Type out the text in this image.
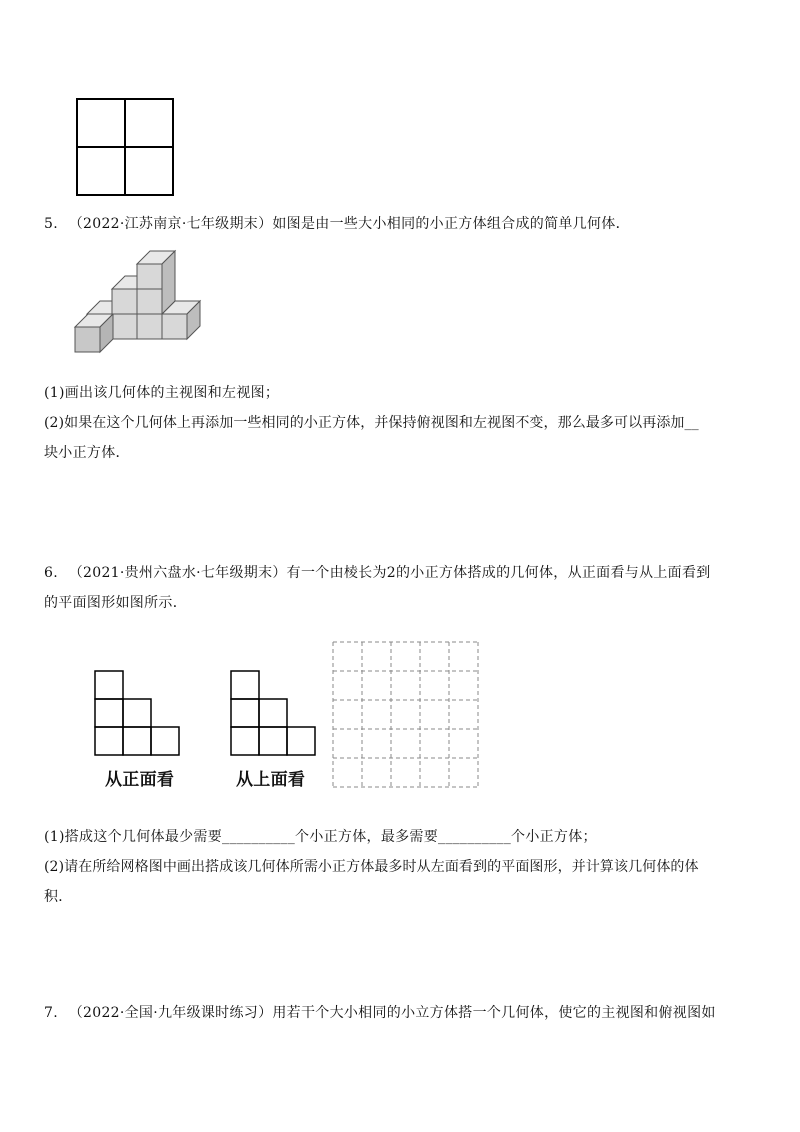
5. （2022·江苏南京·七年级期末）如图是由一些大小相同的小正方体组合成的简单几何体．
(1)画出该几何体的主视图和左视图；
(2)如果在这个几何体上再添加一些相同的小正方体，并保持俯视图和左视图不变，那么最多可以再添加__
块小正方体．
6. （2021·贵州六盘水·七年级期末）有一个由棱长为2的小正方体搭成的几何体，从正面看与从上面看到
的平面图形如图所示．
从正面看	从上面看
(1)搭成这个几何体最少需要__________个小正方体，最多需要__________个小正方体；
(2)请在所给网格图中画出搭成该几何体所需小正方体最多时从左面看到的平面图形，并计算该几何体的体
积．
7. （2022·全国·九年级课时练习）用若干个大小相同的小立方体搭一个几何体，使它的主视图和俯视图如
